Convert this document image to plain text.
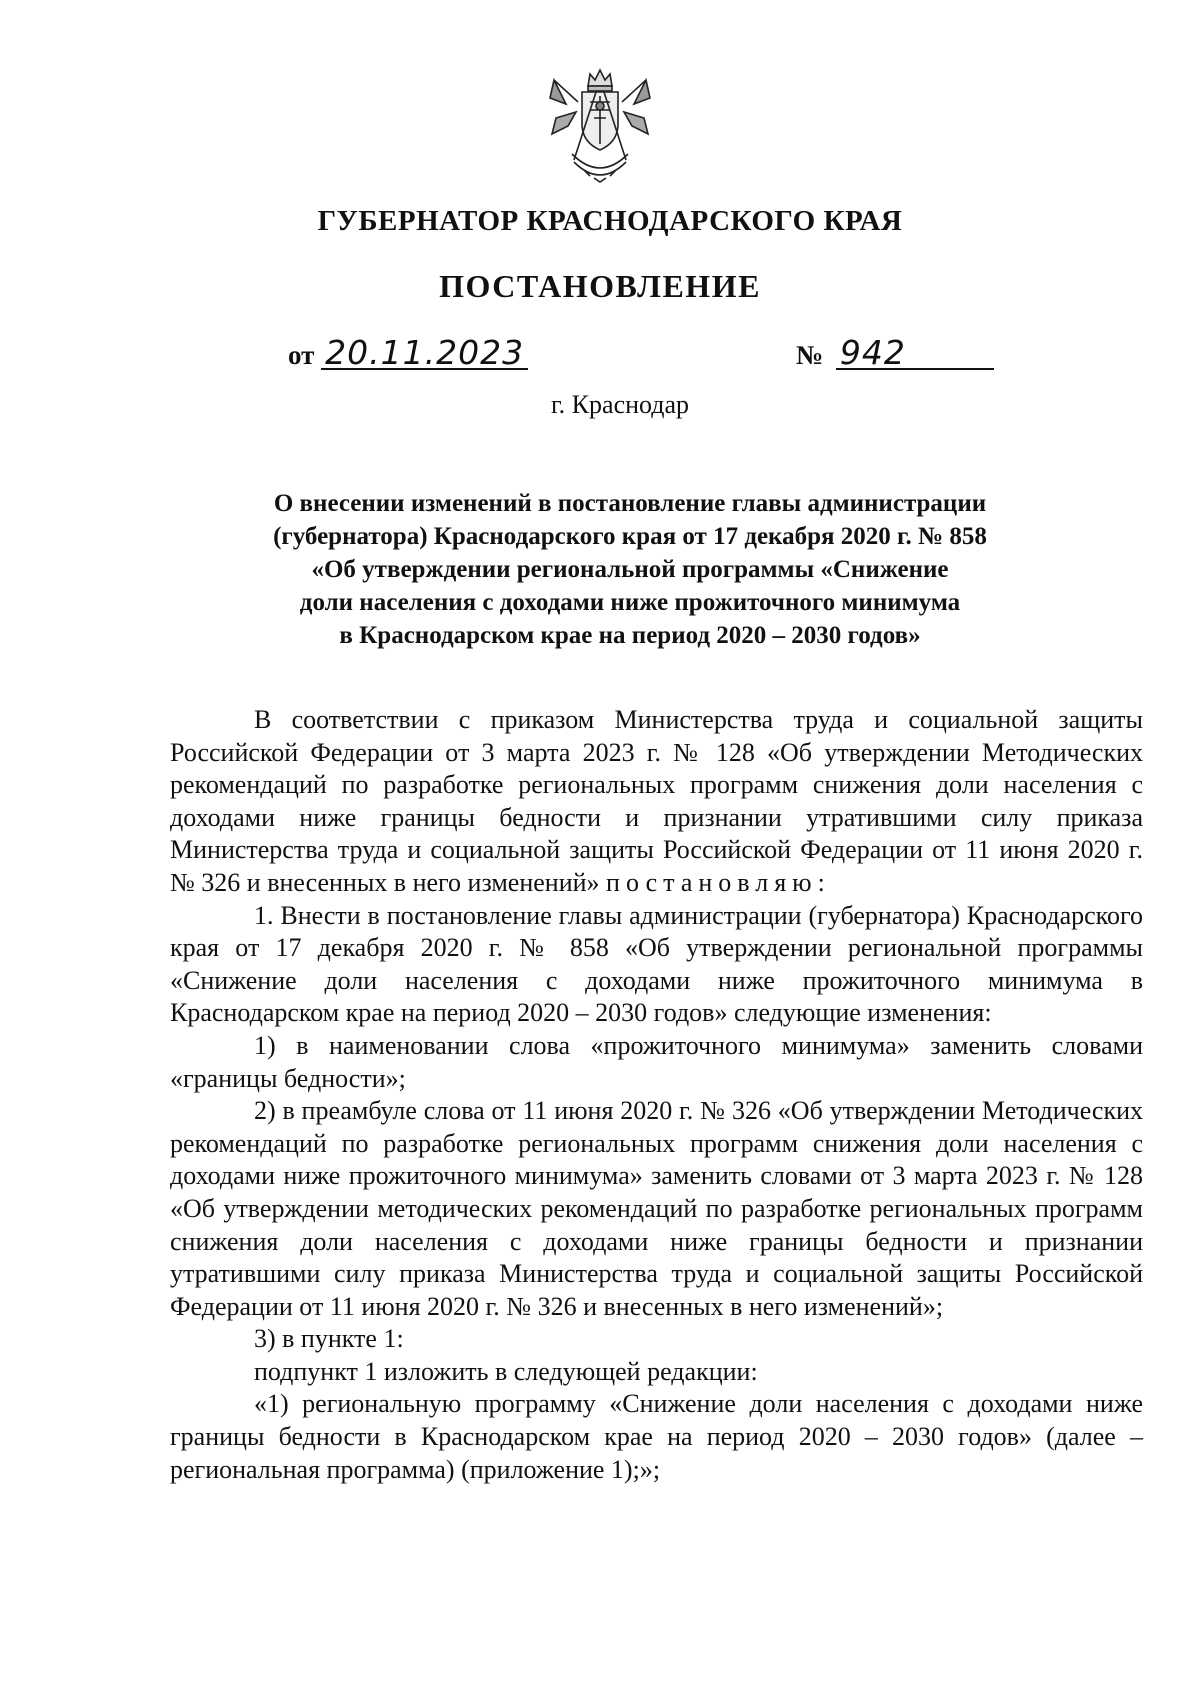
ГУБЕРНАТОР КРАСНОДАРСКОГО КРАЯ
ПОСТАНОВЛЕНИЕ
от 20.11.2023	№ 942
г. Краснодар
О внесении изменений в постановление главы администрации
(губернатора) Краснодарского края от 17 декабря 2020 г. № 858
«Об утверждении региональной программы «Снижение
доли населения с доходами ниже прожиточного минимума
в Краснодарском крае на период 2020 – 2030 годов»

В соответствии с приказом Министерства труда и социальной защиты Российской Федерации от 3 марта 2023 г. № 128 «Об утверждении Методических рекомендаций по разработке региональных программ снижения доли населения с доходами ниже границы бедности и признании утратившими силу приказа Министерства труда и социальной защиты Российской Федерации от 11 июня 2020 г. № 326 и внесенных в него изменений» постановляю:

1. Внести в постановление главы администрации (губернатора) Краснодарского края от 17 декабря 2020 г. № 858 «Об утверждении региональной программы «Снижение доли населения с доходами ниже прожиточного минимума в Краснодарском крае на период 2020 – 2030 годов» следующие изменения:

1) в наименовании слова «прожиточного минимума» заменить словами «границы бедности»;

2) в преамбуле слова от 11 июня 2020 г. № 326 «Об утверждении Методических рекомендаций по разработке региональных программ снижения доли населения с доходами ниже прожиточного минимума» заменить словами от 3 марта 2023 г. № 128 «Об утверждении методических рекомендаций по разработке региональных программ снижения доли населения с доходами ниже границы бедности и признании утратившими силу приказа Министерства труда и социальной защиты Российской Федерации от 11 июня 2020 г. № 326 и внесенных в него изменений»;

3) в пункте 1:

подпункт 1 изложить в следующей редакции:

«1) региональную программу «Снижение доли населения с доходами ниже границы бедности в Краснодарском крае на период 2020 – 2030 годов» (далее – региональная программа) (приложение 1);»;
